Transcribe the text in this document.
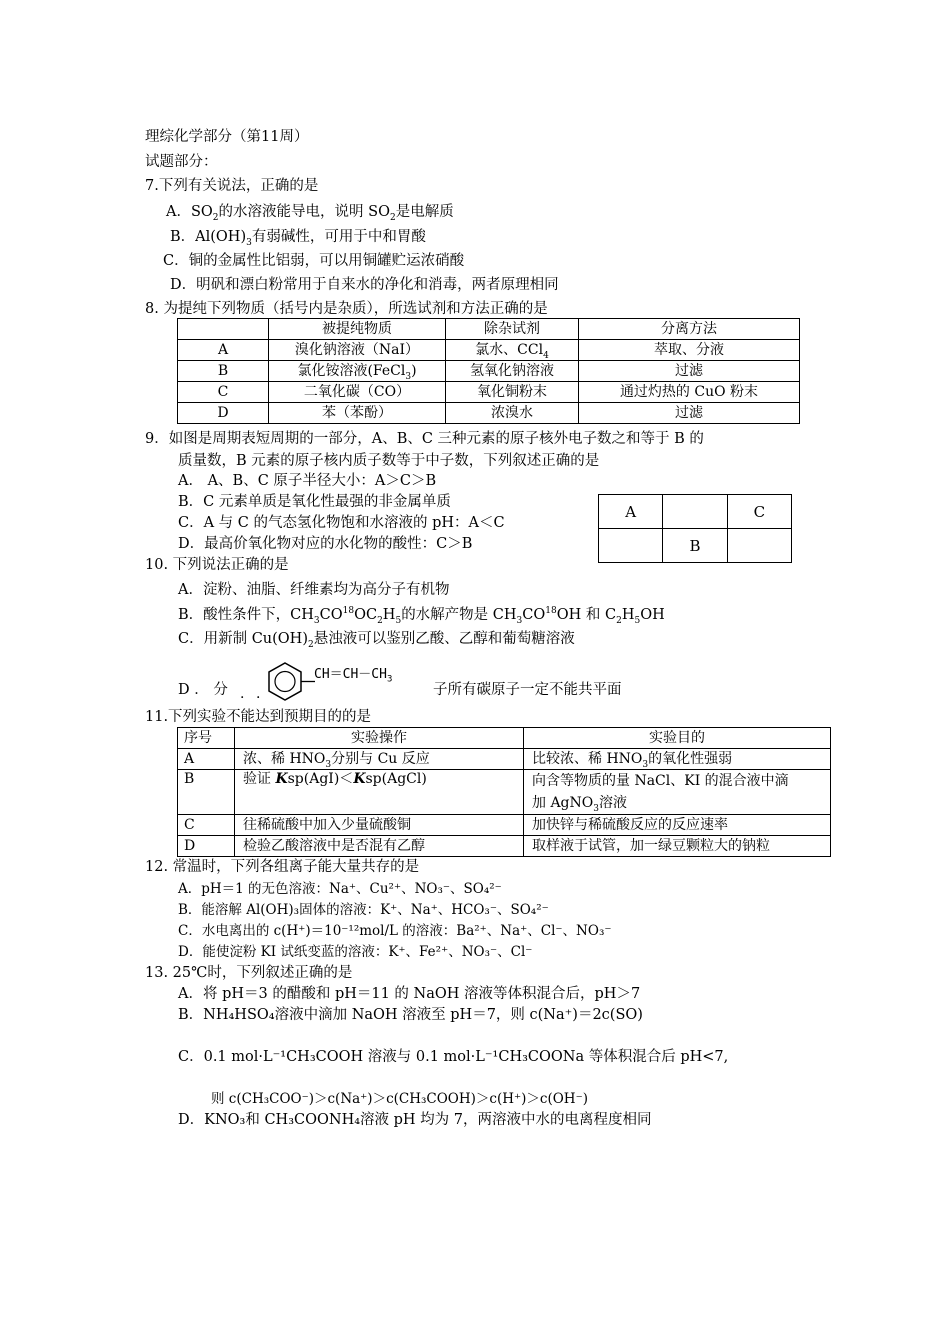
理综化学部分（第11周）
试题部分：
7.下列有关说法，正确的是
A．$SO_2$的水溶液能导电，说明 $SO_2$是电解质
B．$Al(OH)_3$有弱碱性，可用于中和胃酸
C．铜的金属性比铝弱，可以用铜罐贮运浓硝酸
D．明矾和漂白粉常用于自来水的净化和消毒，两者原理相同
8. 为提纯下列物质（括号内是杂质），所选试剂和方法正确的是
	被提纯物质	除杂试剂	分离方法
A	溴化钠溶液（NaI）	氯水、CCl$_4$	萃取、分液
B	氯化铵溶液(FeCl$_3$)	氢氧化钠溶液	过滤
C	二氧化碳（CO）	氧化铜粉末	通过灼热的 CuO 粉末
D	苯（苯酚）	浓溴水	过滤
9．如图是周期表短周期的一部分，A、B、C 三种元素的原子核外电子数之和等于 B 的
质量数，B 元素的原子核内质子数等于中子数，下列叙述正确的是
A． A、B、C 原子半径大小：A＞C＞B
B．C 元素单质是氧化性最强的非金属单质
C．A 与 C 的气态氢化物饱和水溶液的 pH：A＜C
D．最高价氧化物对应的水化物的酸性：C＞B
A		C
	B	
10. 下列说法正确的是
A．淀粉、油脂、纤维素均为高分子有机物
B．酸性条件下，$CH_3CO^{18}OC_2H_5$的水解产物是 $CH_3CO^{18}OH$ 和 $C_2H_5OH$
C．用新制 $Cu(OH)_2$悬浊液可以鉴别乙酸、乙醇和葡萄糖溶液
D ． 分
$CH=CH-CH_3$
子所有碳原子一定不能共平面
· ·
11.下列实验不能达到预期目的的是
序号	实验操作	实验目的
A	浓、稀 $HNO_3$分别与 Cu 反应	比较浓、稀 $HNO_3$的氧化性强弱
B	验证 Ksp(AgI)＜Ksp(AgCl)	向含等物质的量 NaCl、KI 的混合液中滴
加 AgNO$_3$溶液
C	往稀硫酸中加入少量硫酸铜	加快锌与稀硫酸反应的反应速率
D	检验乙酸溶液中是否混有乙醇	取样液于试管，加一绿豆颗粒大的钠粒
12. 常温时，下列各组离子能大量共存的是
A．pH＝1 的无色溶液：Na⁺、Cu²⁺、NO₃⁻、SO₄²⁻
B．能溶解 Al(OH)₃固体的溶液：K⁺、Na⁺、HCO₃⁻、SO₄²⁻
C．水电离出的 c(H⁺)＝10⁻¹²mol/L 的溶液：Ba²⁺、Na⁺、Cl⁻、NO₃⁻
D．能使淀粉 KI 试纸变蓝的溶液：K⁺、Fe²⁺、NO₃⁻、Cl⁻
13. 25℃时，下列叙述正确的是
A．将 pH＝3 的醋酸和 pH＝11 的 NaOH 溶液等体积混合后，pH＞7
B．NH₄HSO₄溶液中滴加 NaOH 溶液至 pH＝7，则 c(Na⁺)＝2c(SO)
C．0.1 mol·L⁻¹CH₃COOH 溶液与 0.1 mol·L⁻¹CH₃COONa 等体积混合后 pH<7,
则 c(CH₃COO⁻)＞c(Na⁺)＞c(CH₃COOH)＞c(H⁺)＞c(OH⁻)
D．KNO₃和 CH₃COONH₄溶液 pH 均为 7，两溶液中水的电离程度相同
